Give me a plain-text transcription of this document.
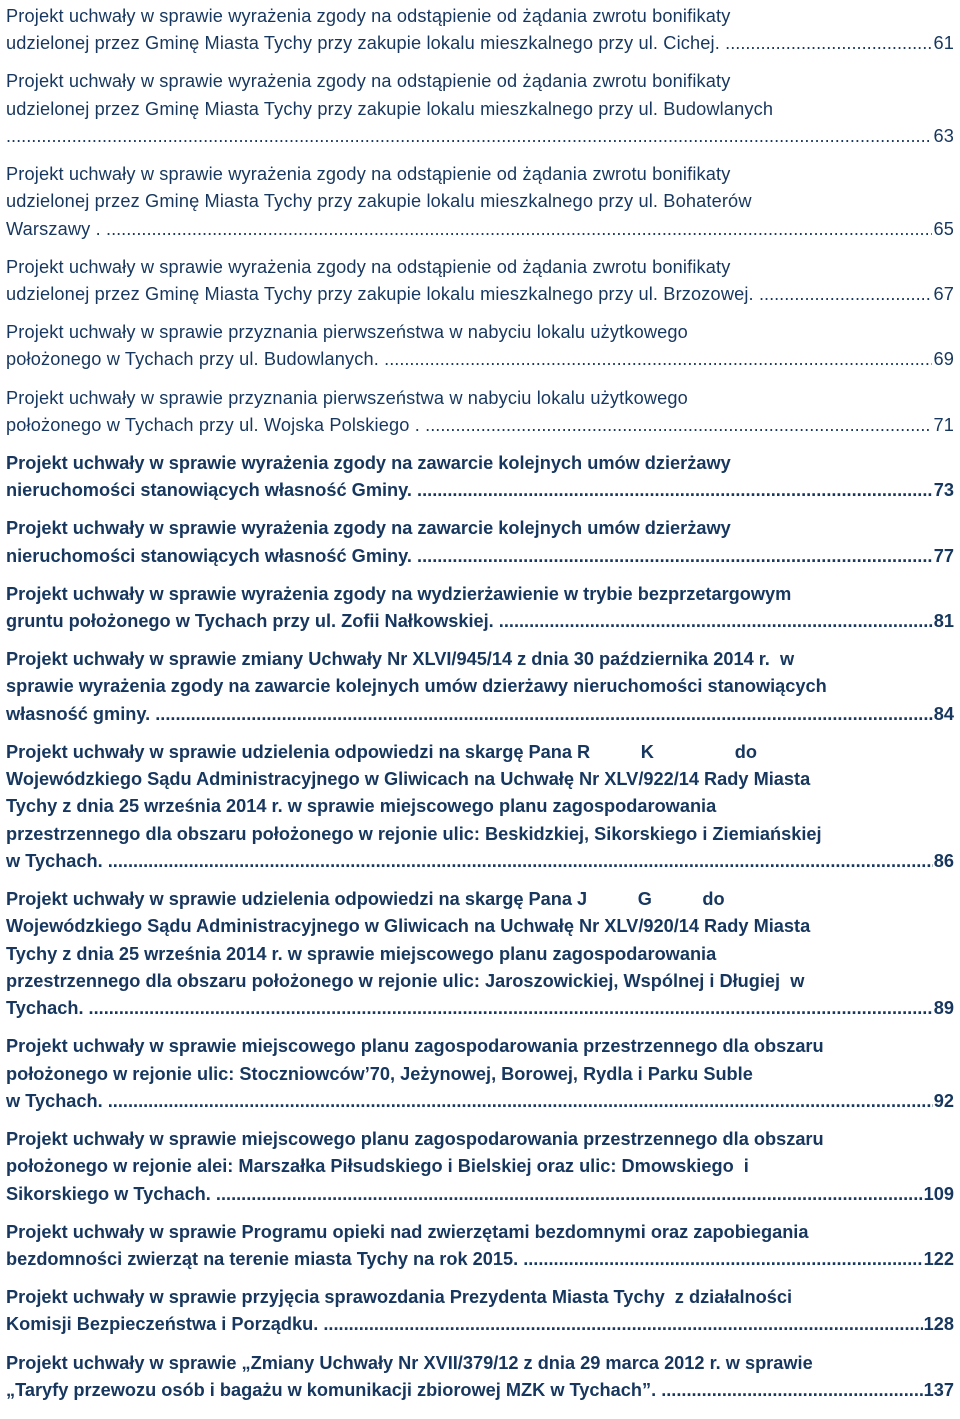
Projekt uchwały w sprawie wyrażenia zgody na odstąpienie od żądania zwrotu bonifikaty
udzielonej przez Gminę Miasta Tychy przy zakupie lokalu mieszkalnego przy ul. Cichej. .....	61
Projekt uchwały w sprawie wyrażenia zgody na odstąpienie od żądania zwrotu bonifikaty
udzielonej przez Gminę Miasta Tychy przy zakupie lokalu mieszkalnego przy ul. Budowlanych
.....
63
Projekt uchwały w sprawie wyrażenia zgody na odstąpienie od żądania zwrotu bonifikaty
udzielonej przez Gminę Miasta Tychy przy zakupie lokalu mieszkalnego przy ul. Bohaterów
Warszawy . .....	65
Projekt uchwały w sprawie wyrażenia zgody na odstąpienie od żądania zwrotu bonifikaty
udzielonej przez Gminę Miasta Tychy przy zakupie lokalu mieszkalnego przy ul. Brzozowej. .....	67
Projekt uchwały w sprawie przyznania pierwszeństwa w nabyciu lokalu użytkowego
położonego w Tychach przy ul. Budowlanych. .....	69
Projekt uchwały w sprawie przyznania pierwszeństwa w nabyciu lokalu użytkowego
położonego w Tychach przy ul. Wojska Polskiego . .....	71
Projekt uchwały w sprawie wyrażenia zgody na zawarcie kolejnych umów dzierżawy
nieruchomości stanowiących własność Gminy. .....	73
Projekt uchwały w sprawie wyrażenia zgody na zawarcie kolejnych umów dzierżawy
nieruchomości stanowiących własność Gminy. .....	77
Projekt uchwały w sprawie wyrażenia zgody na wydzierżawienie w trybie bezprzetargowym
gruntu położonego w Tychach przy ul. Zofii Nałkowskiej. .....	81
Projekt uchwały w sprawie zmiany Uchwały Nr XLVI/945/14 z dnia 30 października 2014 r.  w
sprawie wyrażenia zgody na zawarcie kolejnych umów dzierżawy nieruchomości stanowiących
własność gminy. .....	84
Projekt uchwały w sprawie udzielenia odpowiedzi na skargę Pana R          K                do
Wojewódzkiego Sądu Administracyjnego w Gliwicach na Uchwałę Nr XLV/922/14 Rady Miasta
Tychy z dnia 25 września 2014 r. w sprawie miejscowego planu zagospodarowania
przestrzennego dla obszaru położonego w rejonie ulic: Beskidzkiej, Sikorskiego i Ziemiańskiej
w Tychach. .....	86
Projekt uchwały w sprawie udzielenia odpowiedzi na skargę Pana J          G          do
Wojewódzkiego Sądu Administracyjnego w Gliwicach na Uchwałę Nr XLV/920/14 Rady Miasta
Tychy z dnia 25 września 2014 r. w sprawie miejscowego planu zagospodarowania
przestrzennego dla obszaru położonego w rejonie ulic: Jaroszowickiej, Wspólnej i Długiej  w
Tychach. .....	89
Projekt uchwały w sprawie miejscowego planu zagospodarowania przestrzennego dla obszaru
położonego w rejonie ulic: Stoczniowców’70, Jeżynowej, Borowej, Rydla i Parku Suble
w Tychach. .....	92
Projekt uchwały w sprawie miejscowego planu zagospodarowania przestrzennego dla obszaru
położonego w rejonie alei: Marszałka Piłsudskiego i Bielskiej oraz ulic: Dmowskiego  i
Sikorskiego w Tychach. .....	109
Projekt uchwały w sprawie Programu opieki nad zwierzętami bezdomnymi oraz zapobiegania
bezdomności zwierząt na terenie miasta Tychy na rok 2015. .....	122
Projekt uchwały w sprawie przyjęcia sprawozdania Prezydenta Miasta Tychy  z działalności
Komisji Bezpieczeństwa i Porządku. .....	128
Projekt uchwały w sprawie „Zmiany Uchwały Nr XVII/379/12 z dnia 29 marca 2012 r. w sprawie
„Taryfy przewozu osób i bagażu w komunikacji zbiorowej MZK w Tychach”. .....	137
